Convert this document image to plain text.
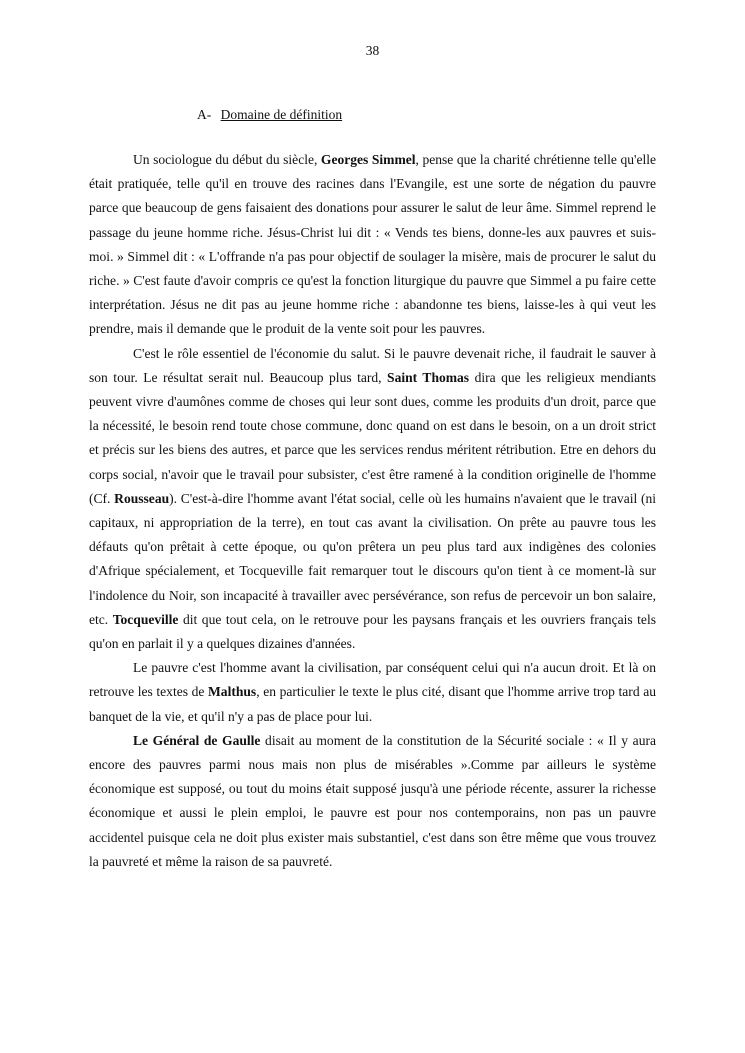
38
A- Domaine de définition

Un sociologue du début du siècle, Georges Simmel, pense que la charité chrétienne telle qu'elle était pratiquée, telle qu'il en trouve des racines dans l'Evangile, est une sorte de négation du pauvre parce que beaucoup de gens faisaient des donations pour assurer le salut de leur âme. Simmel reprend le passage du jeune homme riche. Jésus-Christ lui dit : « Vends tes biens, donne-les aux pauvres et suis-moi. » Simmel dit : « L'offrande n'a pas pour objectif de soulager la misère, mais de procurer le salut du riche. » C'est faute d'avoir compris ce qu'est la fonction liturgique du pauvre que Simmel a pu faire cette interprétation. Jésus ne dit pas au jeune homme riche : abandonne tes biens, laisse-les à qui veut les prendre, mais il demande que le produit de la vente soit pour les pauvres.

C'est le rôle essentiel de l'économie du salut. Si le pauvre devenait riche, il faudrait le sauver à son tour. Le résultat serait nul. Beaucoup plus tard, Saint Thomas dira que les religieux mendiants peuvent vivre d'aumônes comme de choses qui leur sont dues, comme les produits d'un droit, parce que la nécessité, le besoin rend toute chose commune, donc quand on est dans le besoin, on a un droit strict et précis sur les biens des autres, et parce que les services rendus méritent rétribution. Etre en dehors du corps social, n'avoir que le travail pour subsister, c'est être ramené à la condition originelle de l'homme (Cf. Rousseau). C'est-à-dire l'homme avant l'état social, celle où les humains n'avaient que le travail (ni capitaux, ni appropriation de la terre), en tout cas avant la civilisation. On prête au pauvre tous les défauts qu'on prêtait à cette époque, ou qu'on prêtera un peu plus tard aux indigènes des colonies d'Afrique spécialement, et Tocqueville fait remarquer tout le discours qu'on tient à ce moment-là sur l'indolence du Noir, son incapacité à travailler avec persévérance, son refus de percevoir un bon salaire, etc. Tocqueville dit que tout cela, on le retrouve pour les paysans français et les ouvriers français tels qu'on en parlait il y a quelques dizaines d'années.

Le pauvre c'est l'homme avant la civilisation, par conséquent celui qui n'a aucun droit. Et là on retrouve les textes de Malthus, en particulier le texte le plus cité, disant que l'homme arrive trop tard au banquet de la vie, et qu'il n'y a pas de place pour lui.

Le Général de Gaulle disait au moment de la constitution de la Sécurité sociale : « Il y aura encore des pauvres parmi nous mais non plus de misérables ».Comme par ailleurs le système économique est supposé, ou tout du moins était supposé jusqu'à une période récente, assurer la richesse économique et aussi le plein emploi, le pauvre est pour nos contemporains, non pas un pauvre accidentel puisque cela ne doit plus exister mais substantiel, c'est dans son être même que vous trouvez la pauvreté et même la raison de sa pauvreté.
